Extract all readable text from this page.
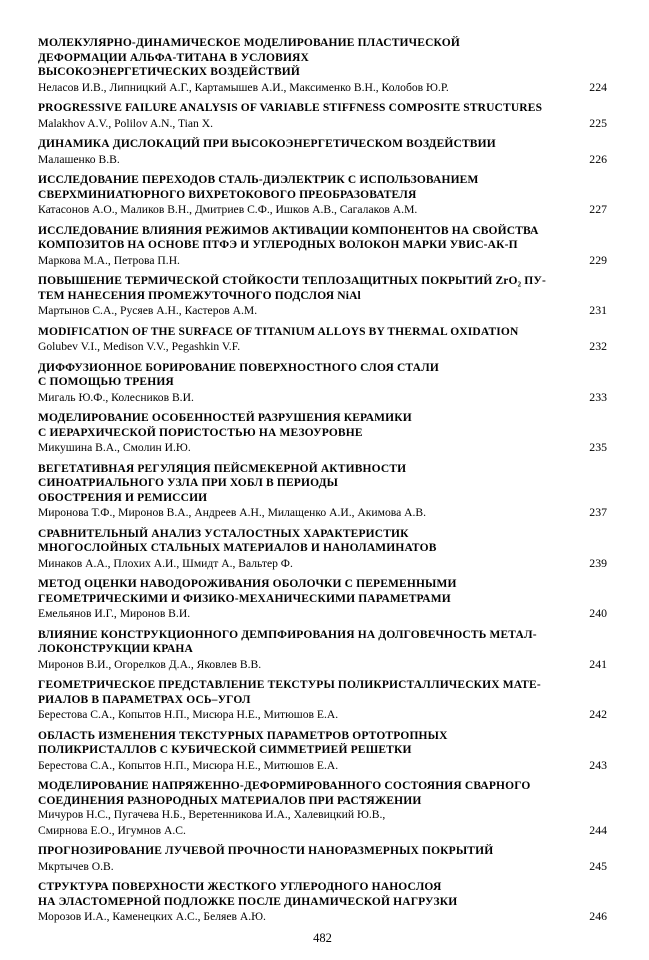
МОЛЕКУЛЯРНО-ДИНАМИЧЕСКОЕ МОДЕЛИРОВАНИЕ ПЛАСТИЧЕСКОЙ
ДЕФОРМАЦИИ АЛЬФА-ТИТАНА В УСЛОВИЯХ
ВЫСОКОЭНЕРГЕТИЧЕСКИХ ВОЗДЕЙСТВИЙ
Неласов И.В., Липницкий А.Г., Картамышев А.И., Максименко В.Н., Колобов Ю.Р.	224
PROGRESSIVE FAILURE ANALYSIS OF VARIABLE STIFFNESS COMPOSITE STRUCTURES
Malakhov A.V., Polilov A.N., Tian X.	225
ДИНАМИКА ДИСЛОКАЦИЙ ПРИ ВЫСОКОЭНЕРГЕТИЧЕСКОМ ВОЗДЕЙСТВИИ
Малашенко В.В.	226
ИССЛЕДОВАНИЕ ПЕРЕХОДОВ СТАЛЬ-ДИЭЛЕКТРИК С ИСПОЛЬЗОВАНИЕМ
СВЕРХМИНИАТЮРНОГО ВИХРЕТОКОВОГО ПРЕОБРАЗОВАТЕЛЯ
Катасонов А.О., Маликов В.Н., Дмитриев С.Ф., Ишков А.В., Сагалаков А.М.	227
ИССЛЕДОВАНИЕ ВЛИЯНИЯ РЕЖИМОВ АКТИВАЦИИ КОМПОНЕНТОВ НА СВОЙСТВА
КОМПОЗИТОВ НА ОСНОВЕ ПТФЭ И УГЛЕРОДНЫХ ВОЛОКОН МАРКИ УВИС-АК-П
Маркова М.А., Петрова П.Н.	229
ПОВЫШЕНИЕ ТЕРМИЧЕСКОЙ СТОЙКОСТИ ТЕПЛОЗАЩИТНЫХ ПОКРЫТИЙ ZrO₂ ПУ-
ТЕМ НАНЕСЕНИЯ ПРОМЕЖУТОЧНОГО ПОДСЛОЯ NiAl
Мартынов С.А., Русяев А.Н., Кастеров А.М.	231
MODIFICATION OF THE SURFACE OF TITANIUM ALLOYS BY THERMAL OXIDATION
Golubev V.I., Medison V.V., Pegashkin V.F.	232
ДИФФУЗИОННОЕ БОРИРОВАНИЕ ПОВЕРХНОСТНОГО СЛОЯ СТАЛИ
С ПОМОЩЬЮ ТРЕНИЯ
Мигаль Ю.Ф., Колесников В.И.	233
МОДЕЛИРОВАНИЕ ОСОБЕННОСТЕЙ РАЗРУШЕНИЯ КЕРАМИКИ
С ИЕРАРХИЧЕСКОЙ ПОРИСТОСТЬЮ НА МЕЗОУРОВНЕ
Микушина В.А., Смолин И.Ю.	235
ВЕГЕТАТИВНАЯ РЕГУЛЯЦИЯ ПЕЙСМЕКЕРНОЙ АКТИВНОСТИ
СИНОАТРИАЛЬНОГО УЗЛА ПРИ ХОБЛ В ПЕРИОДЫ
ОБОСТРЕНИЯ И РЕМИССИИ
Миронова Т.Ф., Миронов В.А., Андреев А.Н., Милащенко А.И., Акимова А.В.	237
СРАВНИТЕЛЬНЫЙ АНАЛИЗ УСТАЛОСТНЫХ ХАРАКТЕРИСТИК
МНОГОСЛОЙНЫХ СТАЛЬНЫХ МАТЕРИАЛОВ И НАНОЛАМИНАТОВ
Минаков А.А., Плохих А.И., Шмидт А., Вальтер Ф.	239
МЕТОД ОЦЕНКИ НАВОДОРОЖИВАНИЯ ОБОЛОЧКИ С ПЕРЕМЕННЫМИ
ГЕОМЕТРИЧЕСКИМИ И ФИЗИКО-МЕХАНИЧЕСКИМИ ПАРАМЕТРАМИ
Емельянов И.Г., Миронов В.И.	240
ВЛИЯНИЕ КОНСТРУКЦИОННОГО ДЕМПФИРОВАНИЯ НА ДОЛГОВЕЧНОСТЬ МЕТАЛ-
ЛОКОНСТРУКЦИИ КРАНА
Миронов В.И., Огорелков Д.А., Яковлев В.В.	241
ГЕОМЕТРИЧЕСКОЕ ПРЕДСТАВЛЕНИЕ ТЕКСТУРЫ ПОЛИКРИСТАЛЛИЧЕСКИХ МАТЕ-
РИАЛОВ В ПАРАМЕТРАХ ОСЬ–УГОЛ
Берестова С.А., Копытов Н.П., Мисюра Н.Е., Митюшов Е.А.	242
ОБЛАСТЬ ИЗМЕНЕНИЯ ТЕКСТУРНЫХ ПАРАМЕТРОВ ОРТОТРОПНЫХ
ПОЛИКРИСТАЛЛОВ С КУБИЧЕСКОЙ СИММЕТРИЕЙ РЕШЕТКИ
Берестова С.А., Копытов Н.П., Мисюра Н.Е., Митюшов Е.А.	243
МОДЕЛИРОВАНИЕ НАПРЯЖЕННО-ДЕФОРМИРОВАННОГО СОСТОЯНИЯ СВАРНОГО
СОЕДИНЕНИЯ РАЗНОРОДНЫХ МАТЕРИАЛОВ ПРИ РАСТЯЖЕНИИ
Мичуров Н.С., Пугачева Н.Б., Веретенникова И.А., Халевицкий Ю.В.,
Смирнова Е.О., Игумнов А.С.	244
ПРОГНОЗИРОВАНИЕ ЛУЧЕВОЙ ПРОЧНОСТИ НАНОРАЗМЕРНЫХ ПОКРЫТИЙ
Мкртычев О.В.	245
СТРУКТУРА ПОВЕРХНОСТИ ЖЕСТКОГО УГЛЕРОДНОГО НАНОСЛОЯ
НА ЭЛАСТОМЕРНОЙ ПОДЛОЖКЕ ПОСЛЕ ДИНАМИЧЕСКОЙ НАГРУЗКИ
Морозов И.А., Каменецких А.С., Беляев А.Ю.	246
482
